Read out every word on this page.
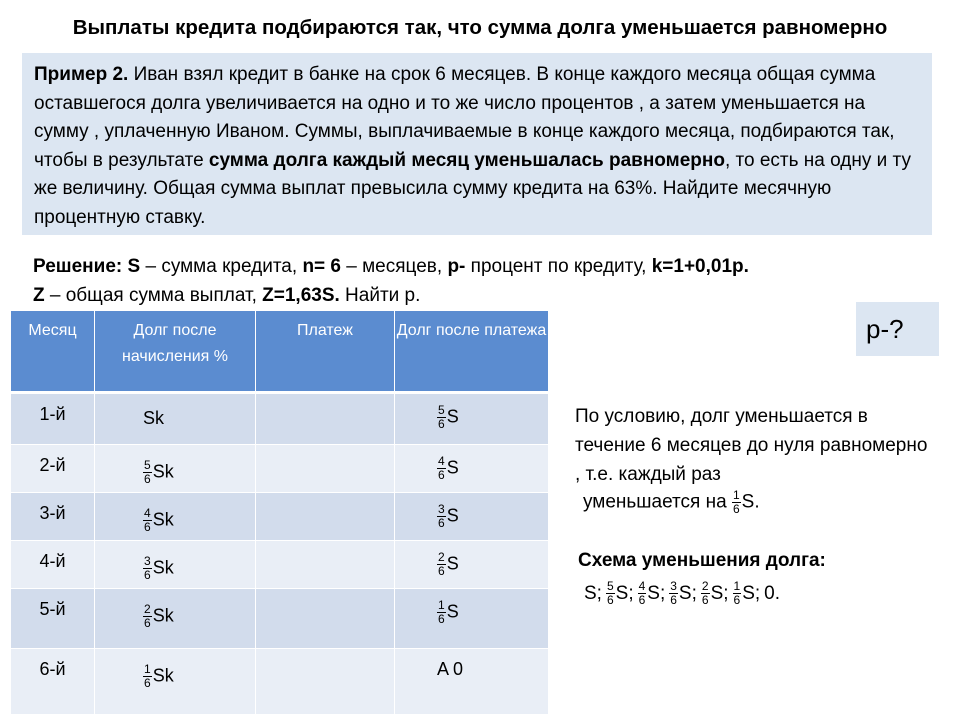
Выплаты кредита подбираются так, что сумма долга уменьшается равномерно
Пример 2. Иван взял кредит в банке на срок 6 месяцев. В конце каждого месяца общая сумма оставшегося долга увеличивается на одно и то же число процентов , а затем уменьшается на сумму , уплаченную Иваном. Суммы, выплачиваемые в конце каждого месяца, подбираются так, чтобы в результате сумма долга каждый месяц уменьшалась равномерно, то есть на одну и ту же величину. Общая сумма выплат превысила сумму кредита на 63%. Найдите месячную процентную ставку.
Решение: S – сумма кредита, n= 6 – месяцев, p- процент по кредиту, k=1+0,01p.
Z – общая сумма выплат, Z=1,63S. Найти p.
p-?
Месяц	Долг после начисления %	Платеж	Долг после платежа
1-й	Sk		$\frac{5}{6}$ S

2-й	$\frac{5}{6}$ Sk		$\frac{4}{6}$ S

3-й	$\frac{4}{6}$ Sk		$\frac{3}{6}$ S

4-й	$\frac{3}{6}$ Sk		$\frac{2}{6}$ S

5-й	$\frac{2}{6}$ Sk		$\frac{1}{6}$ S

6-й	$\frac{1}{6}$ Sk		A 0
По условию, долг уменьшается в течение 6 месяцев до нуля равномерно , т.е. каждый раз
уменьшается на $\frac{1}{6} S$.
Схема уменьшения долга:
S; $\frac{5}{6} S$; $\frac{4}{6} S$; $\frac{3}{6} S$; $\frac{2}{6} S$; $\frac{1}{6} S$; 0.
